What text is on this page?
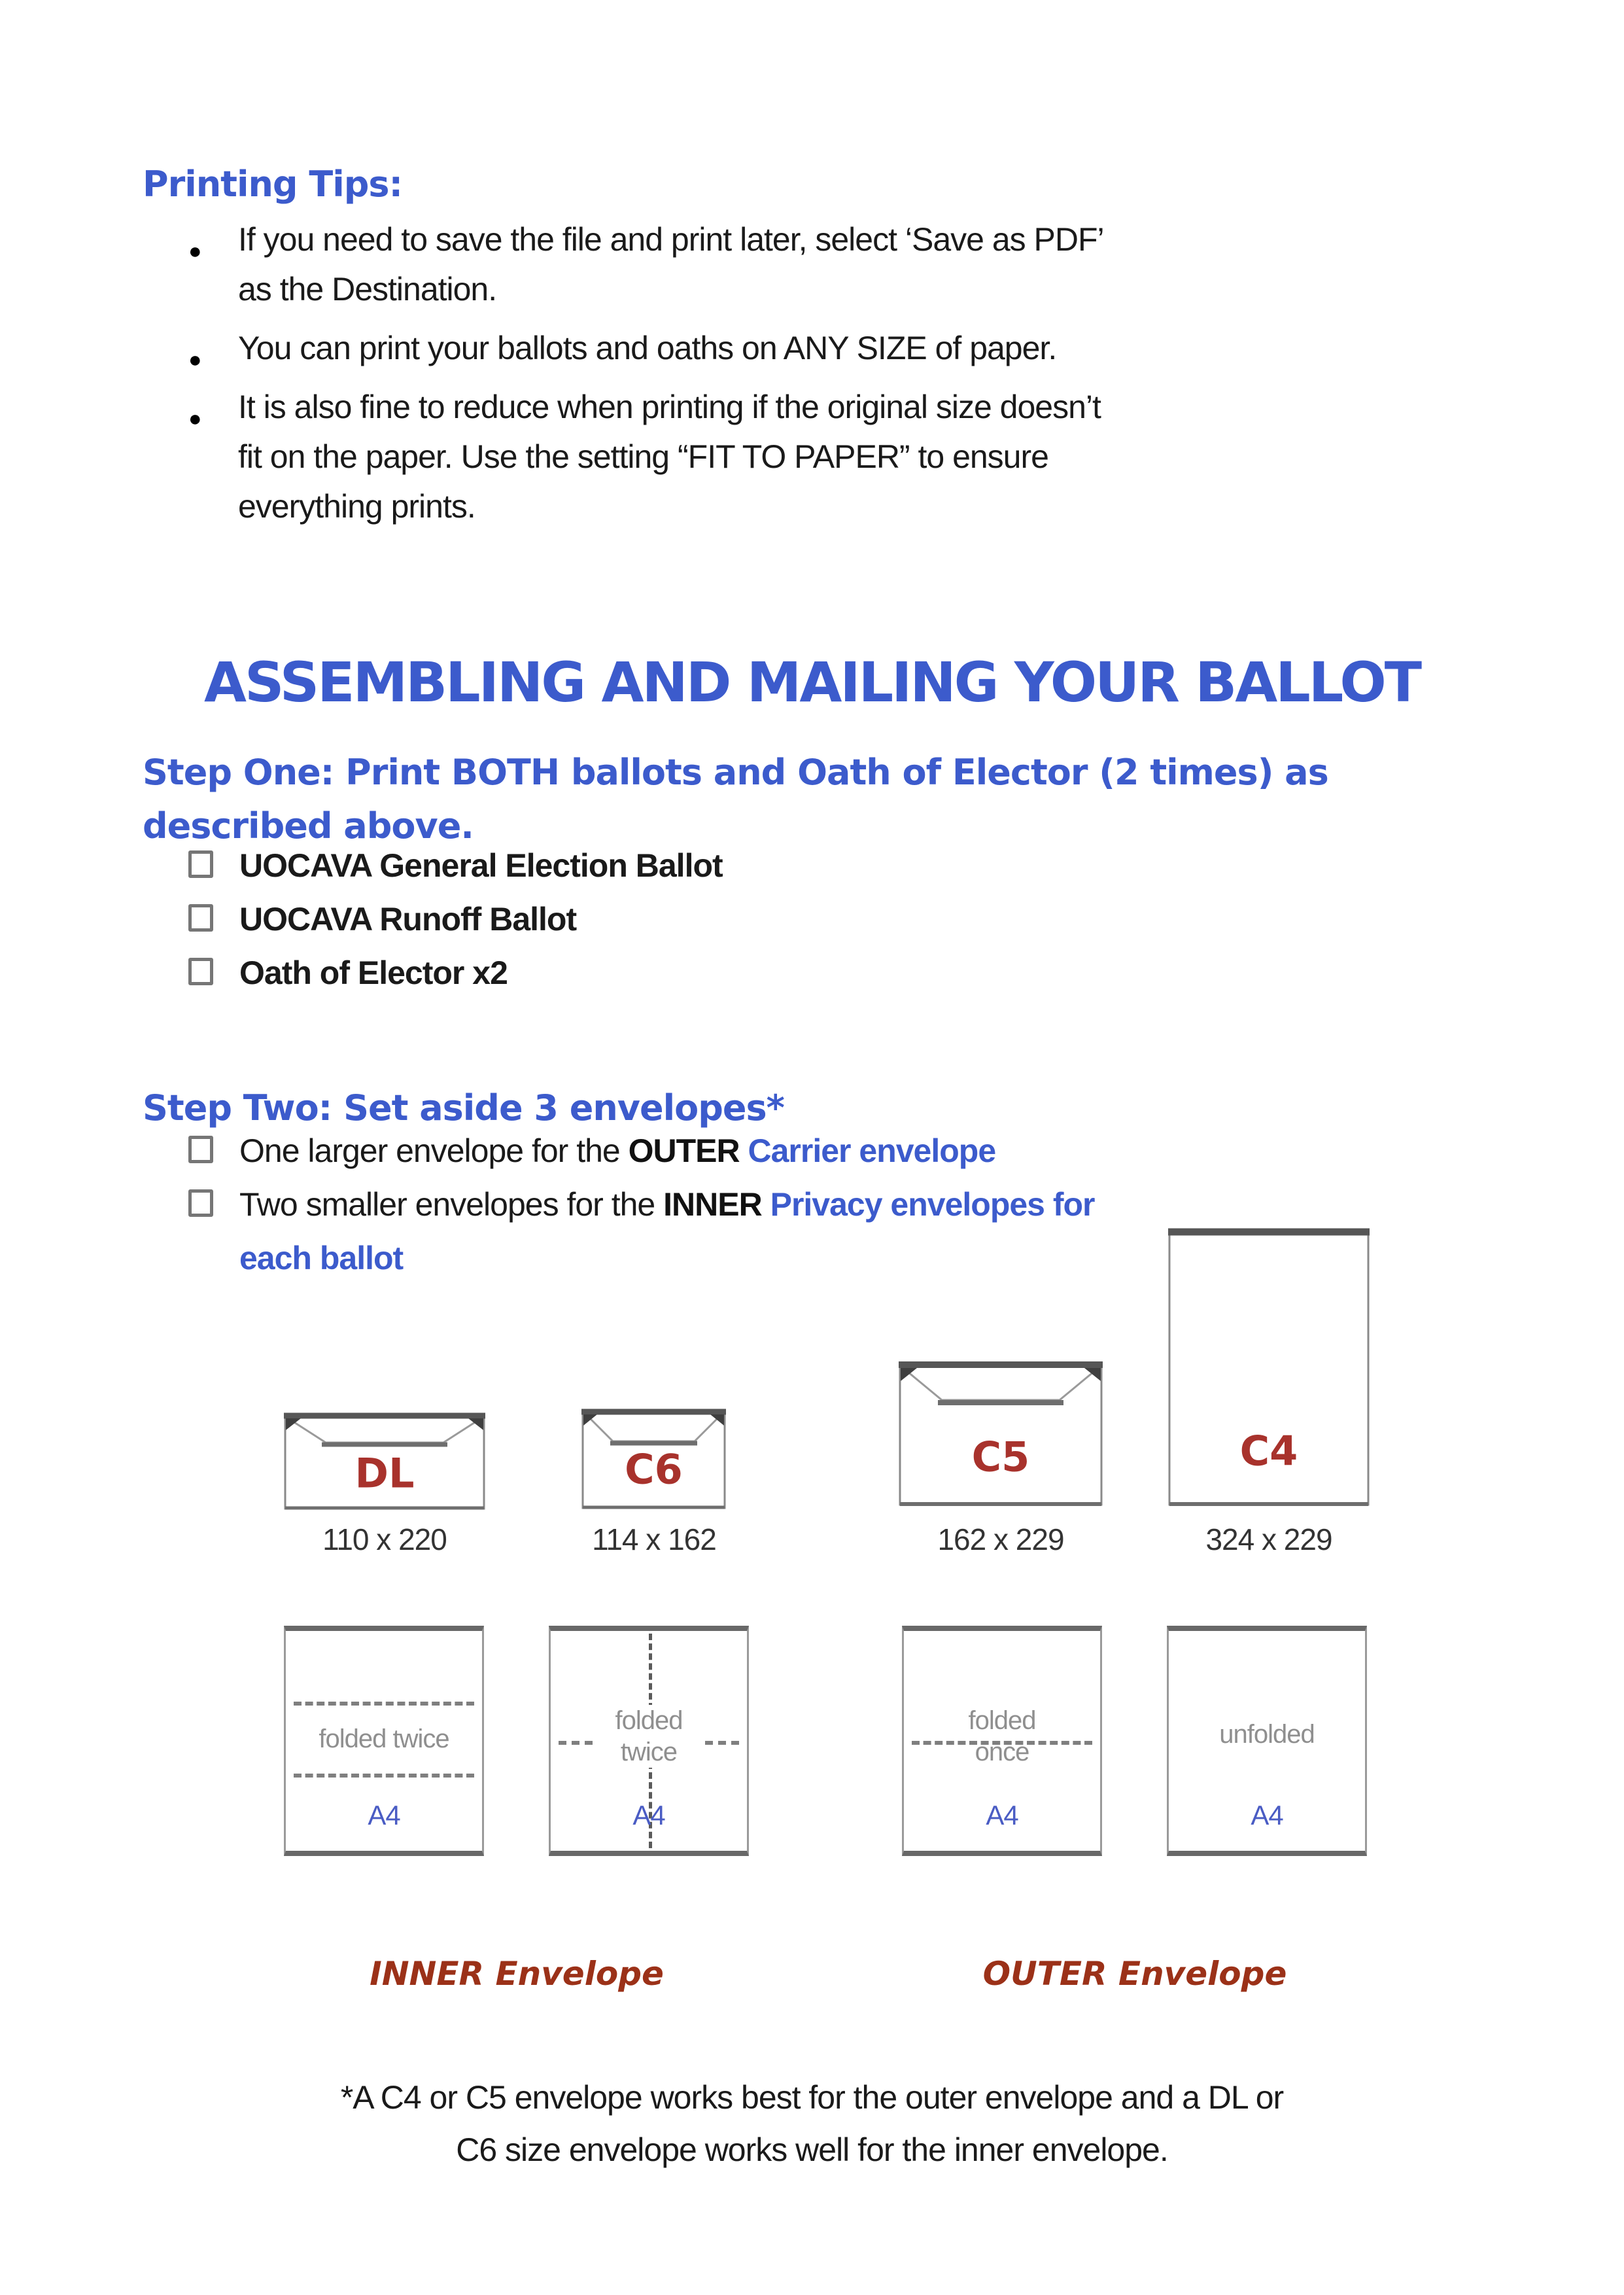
Printing Tips:
● If you need to save the file and print later, select ‘Save as PDF’
as the Destination.
● You can print your ballots and oaths on ANY SIZE of paper.
● It is also fine to reduce when printing if the original size doesn’t
fit on the paper. Use the setting “FIT TO PAPER” to ensure
everything prints.
ASSEMBLING AND MAILING YOUR BALLOT
Step One: Print BOTH ballots and Oath of Elector (2 times) as
described above.
UOCAVA General Election Ballot
UOCAVA Runoff Ballot
Oath of Elector x2
Step Two: Set aside 3 envelopes*
One larger envelope for the OUTER Carrier envelope
Two smaller envelopes for the INNER Privacy envelopes for
each ballot
DL
110 x 220
C6
114 x 162
C5
162 x 229
C4
324 x 229
folded twice
A4
folded
twice
A4
folded
once
A4
unfolded
A4
INNER Envelope	OUTER Envelope

*A C4 or C5 envelope works best for the outer envelope and a DL or
C6 size envelope works well for the inner envelope.
